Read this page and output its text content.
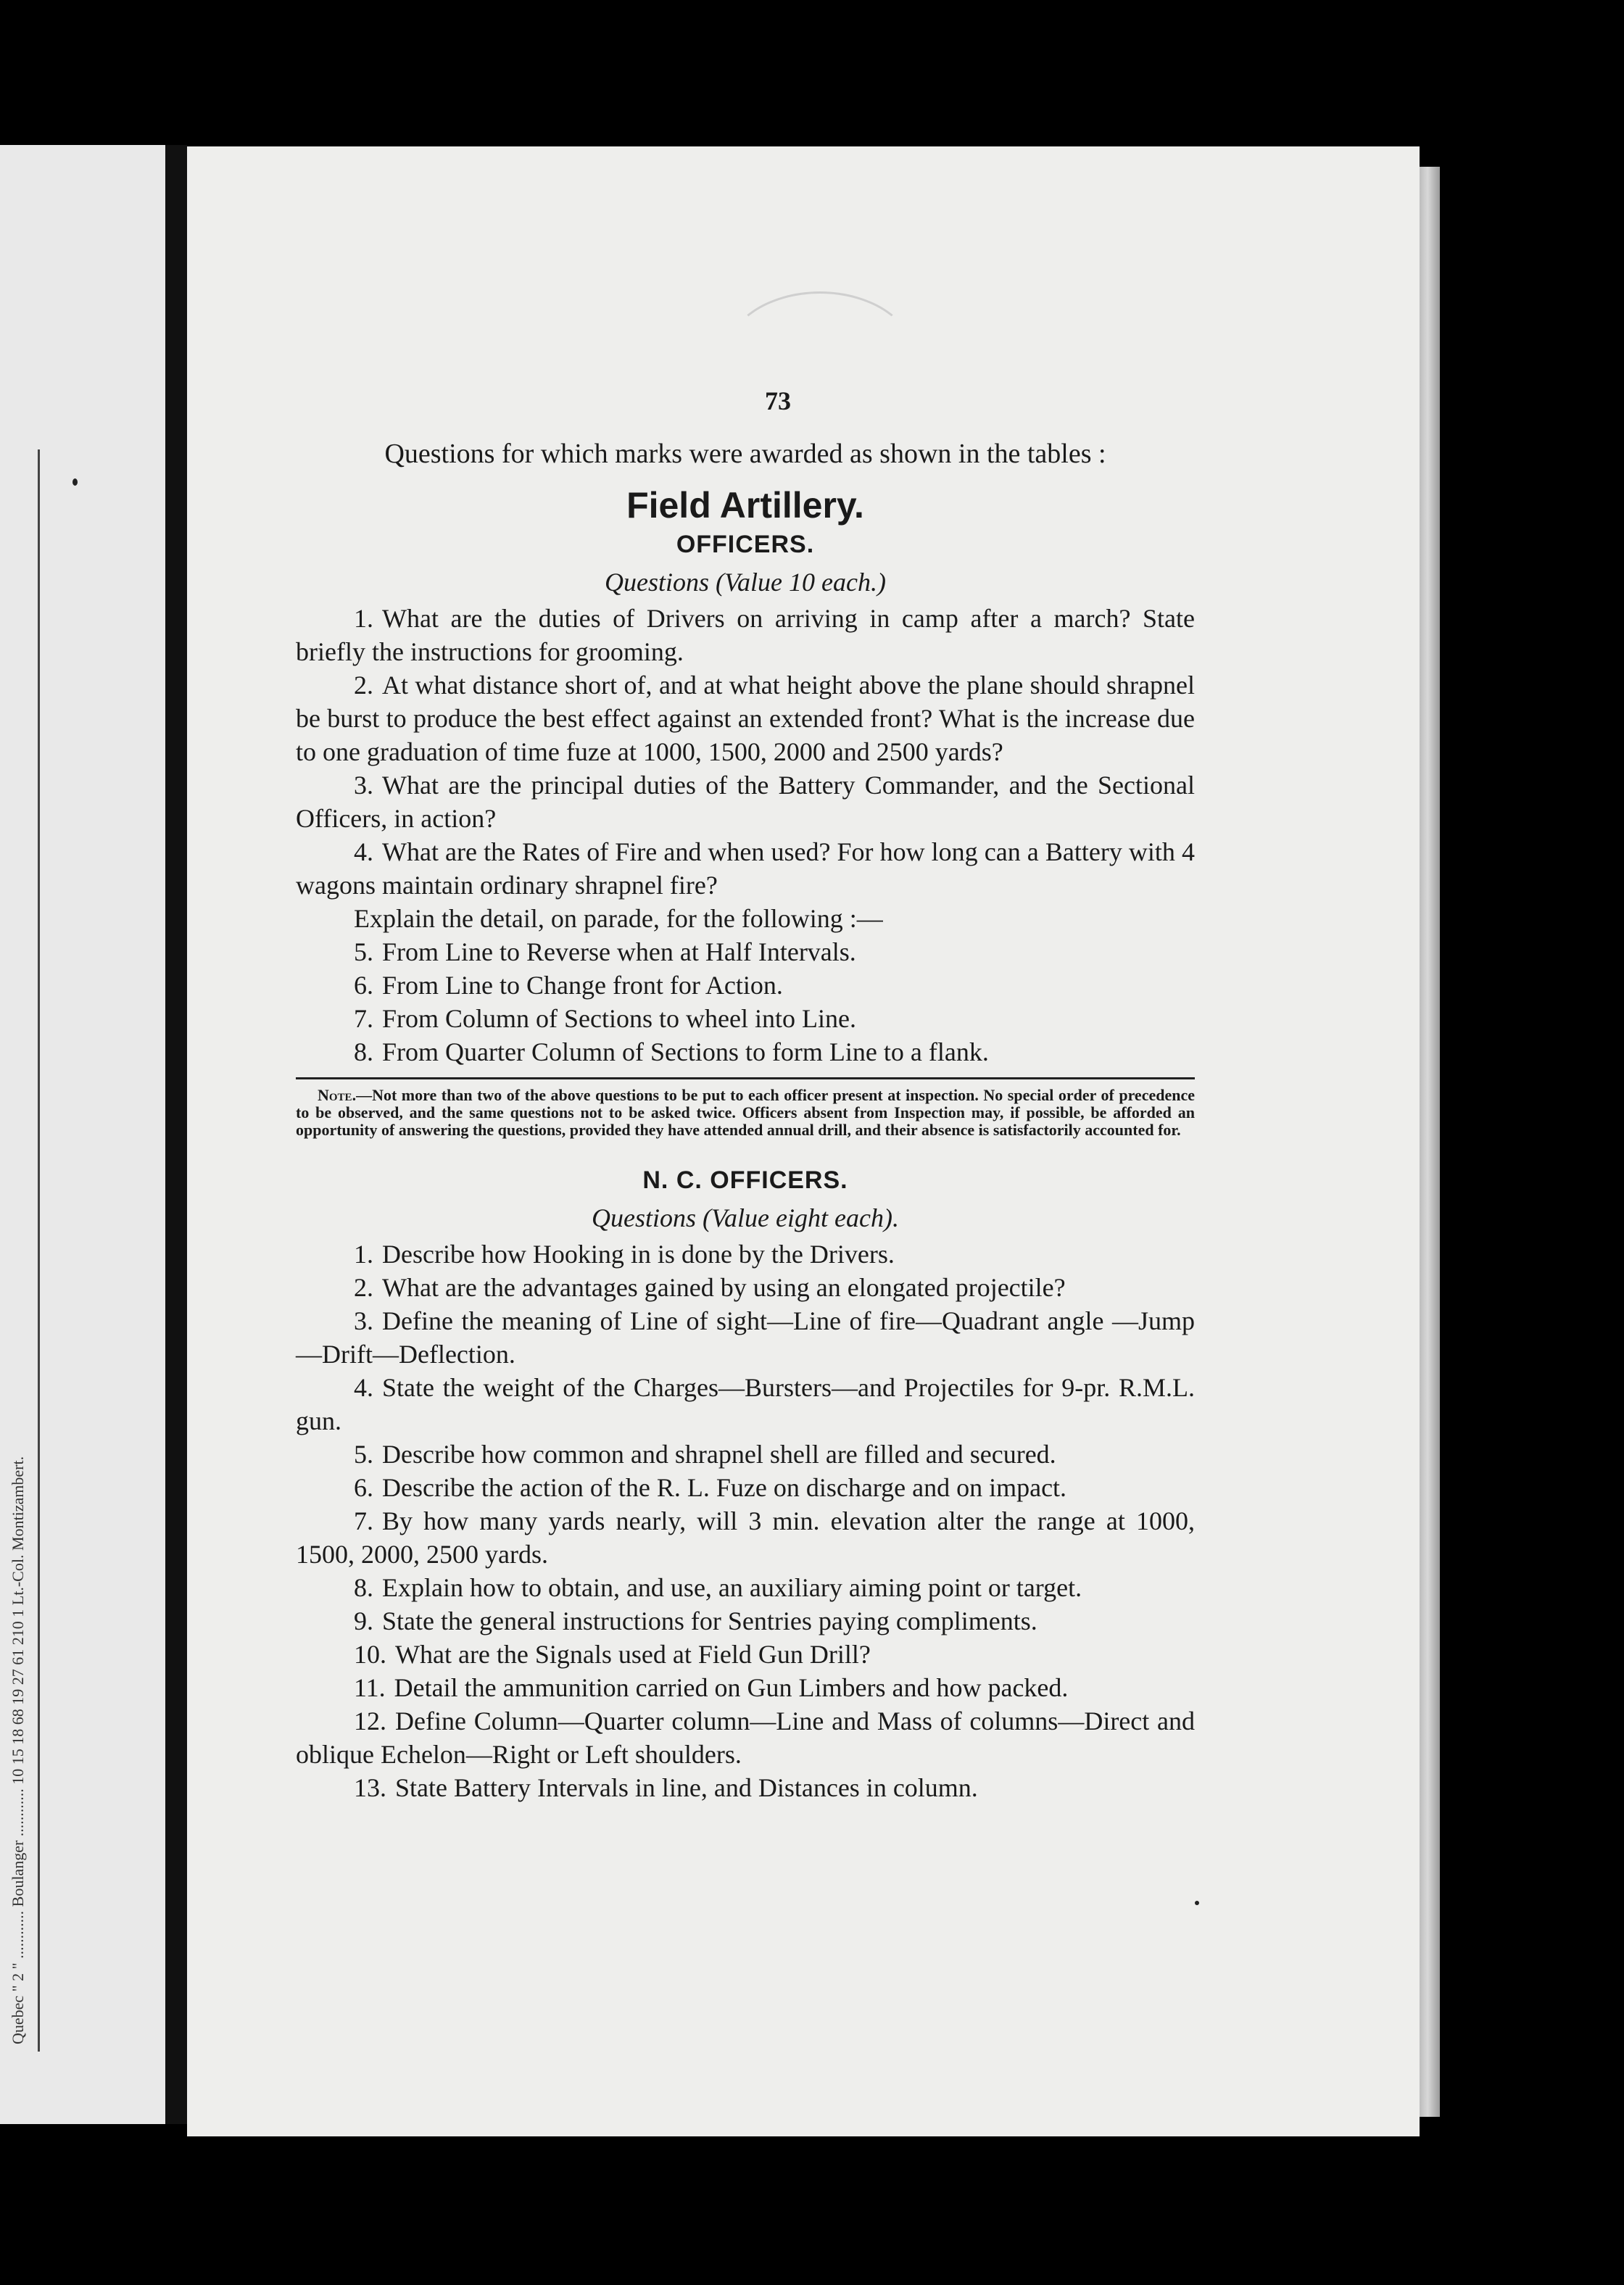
Quebec " 2 " ............ Boulanger ............ 10 15 18 68 19 27 61 210 1 Lt.-Col. Montizambert.
73
Questions for which marks were awarded as shown in the tables :
Field Artillery.
OFFICERS.
Questions (Value 10 each.)

1. What are the duties of Drivers on arriving in camp after a march? State briefly the instructions for grooming.

2. At what distance short of, and at what height above the plane should shrapnel be burst to produce the best effect against an extended front? What is the increase due to one graduation of time fuze at 1000, 1500, 2000 and 2500 yards?

3. What are the principal duties of the Battery Commander, and the Sectional Officers, in action?

4. What are the Rates of Fire and when used? For how long can a Battery with 4 wagons maintain ordinary shrapnel fire?

Explain the detail, on parade, for the following :—

5. From Line to Reverse when at Half Intervals.

6. From Line to Change front for Action.

7. From Column of Sections to wheel into Line.

8. From Quarter Column of Sections to form Line to a flank.

Note.—Not more than two of the above questions to be put to each officer present at inspection. No special order of precedence to be observed, and the same questions not to be asked twice. Officers absent from Inspection may, if possible, be afforded an opportunity of answering the questions, provided they have attended annual drill, and their absence is satisfactorily accounted for.

N. C. OFFICERS.
Questions (Value eight each).

1. Describe how Hooking in is done by the Drivers.

2. What are the advantages gained by using an elongated projectile?

3. Define the meaning of Line of sight—Line of fire—Quadrant angle —Jump—Drift—Deflection.

4. State the weight of the Charges—Bursters—and Projectiles for 9-pr. R.M.L. gun.

5. Describe how common and shrapnel shell are filled and secured.

6. Describe the action of the R. L. Fuze on discharge and on impact.

7. By how many yards nearly, will 3 min. elevation alter the range at 1000, 1500, 2000, 2500 yards.

8. Explain how to obtain, and use, an auxiliary aiming point or target.

9. State the general instructions for Sentries paying compliments.

10. What are the Signals used at Field Gun Drill?

11. Detail the ammunition carried on Gun Limbers and how packed.

12. Define Column—Quarter column—Line and Mass of columns—Direct and oblique Echelon—Right or Left shoulders.

13. State Battery Intervals in line, and Distances in column.
